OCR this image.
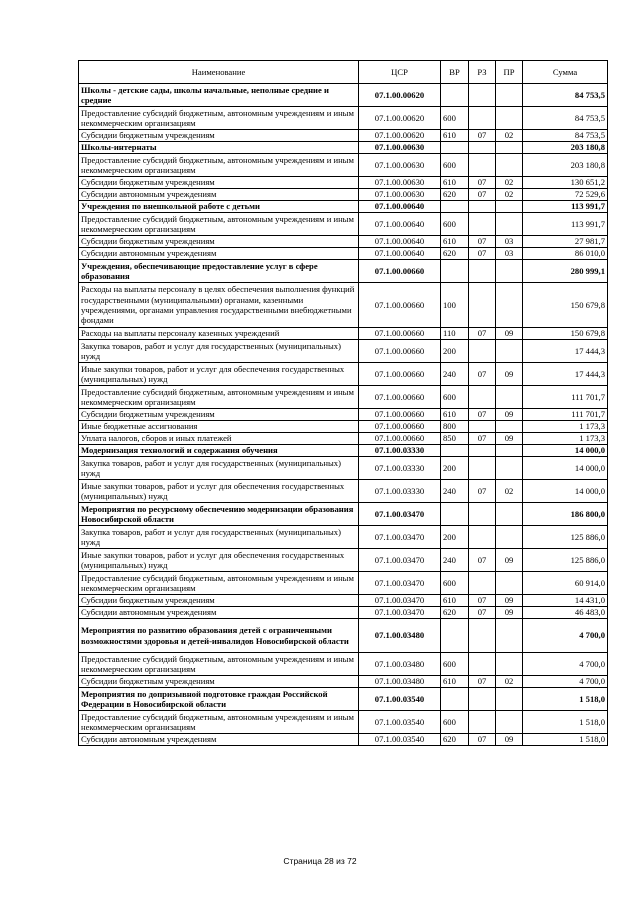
Наименование	ЦСР	ВР	РЗ	ПР	Сумма
Школы - детские сады, школы начальные, неполные средние и средние	07.1.00.00620				84 753,5
Предоставление субсидий бюджетным, автономным учреждениям и иным некоммерческим организациям	07.1.00.00620	600			84 753,5
Субсидии бюджетным учреждениям	07.1.00.00620	610	07	02	84 753,5
Школы-интернаты	07.1.00.00630				203 180,8
Предоставление субсидий бюджетным, автономным учреждениям и иным некоммерческим организациям	07.1.00.00630	600			203 180,8
Субсидии бюджетным учреждениям	07.1.00.00630	610	07	02	130 651,2
Субсидии автономным учреждениям	07.1.00.00630	620	07	02	72 529,6
Учреждения по внешкольной работе с детьми	07.1.00.00640				113 991,7
Предоставление субсидий бюджетным, автономным учреждениям и иным некоммерческим организациям	07.1.00.00640	600			113 991,7
Субсидии бюджетным учреждениям	07.1.00.00640	610	07	03	27 981,7
Субсидии автономным учреждениям	07.1.00.00640	620	07	03	86 010,0
Учреждения, обеспечивающие предоставление услуг в сфере образования	07.1.00.00660				280 999,1
Расходы на выплаты персоналу в целях обеспечения выполнения функций государственными (муниципальными) органами, казенными учреждениями, органами управления государственными внебюджетными фондами	07.1.00.00660	100			150 679,8
Расходы на выплаты персоналу казенных учреждений	07.1.00.00660	110	07	09	150 679,8
Закупка товаров, работ и услуг для государственных (муниципальных) нужд	07.1.00.00660	200			17 444,3
Иные закупки товаров, работ и услуг для обеспечения государственных (муниципальных) нужд	07.1.00.00660	240	07	09	17 444,3
Предоставление субсидий бюджетным, автономным учреждениям и иным некоммерческим организациям	07.1.00.00660	600			111 701,7
Субсидии бюджетным учреждениям	07.1.00.00660	610	07	09	111 701,7
Иные бюджетные ассигнования	07.1.00.00660	800			1 173,3
Уплата налогов, сборов и иных платежей	07.1.00.00660	850	07	09	1 173,3
Модернизация технологий и содержания обучения	07.1.00.03330				14 000,0
Закупка товаров, работ и услуг для государственных (муниципальных) нужд	07.1.00.03330	200			14 000,0
Иные закупки товаров, работ и услуг для обеспечения государственных (муниципальных) нужд	07.1.00.03330	240	07	02	14 000,0
Мероприятия по ресурсному обеспечению модернизации образования Новосибирской области	07.1.00.03470				186 800,0
Закупка товаров, работ и услуг для государственных (муниципальных) нужд	07.1.00.03470	200			125 886,0
Иные закупки товаров, работ и услуг для обеспечения государственных (муниципальных) нужд	07.1.00.03470	240	07	09	125 886,0
Предоставление субсидий бюджетным, автономным учреждениям и иным некоммерческим организациям	07.1.00.03470	600			60 914,0
Субсидии бюджетным учреждениям	07.1.00.03470	610	07	09	14 431,0
Субсидии автономным учреждениям	07.1.00.03470	620	07	09	46 483,0
Мероприятия по развитию образования детей с ограниченными возможностями здоровья и детей-инвалидов Новосибирской области	07.1.00.03480				4 700,0
Предоставление субсидий бюджетным, автономным учреждениям и иным некоммерческим организациям	07.1.00.03480	600			4 700,0
Субсидии бюджетным учреждениям	07.1.00.03480	610	07	02	4 700,0
Мероприятия по допризывной подготовке граждан Российской Федерации в Новосибирской области	07.1.00.03540				1 518,0
Предоставление субсидий бюджетным, автономным учреждениям и иным некоммерческим организациям	07.1.00.03540	600			1 518,0
Субсидии автономным учреждениям	07.1.00.03540	620	07	09	1 518,0
Страница 28 из 72
